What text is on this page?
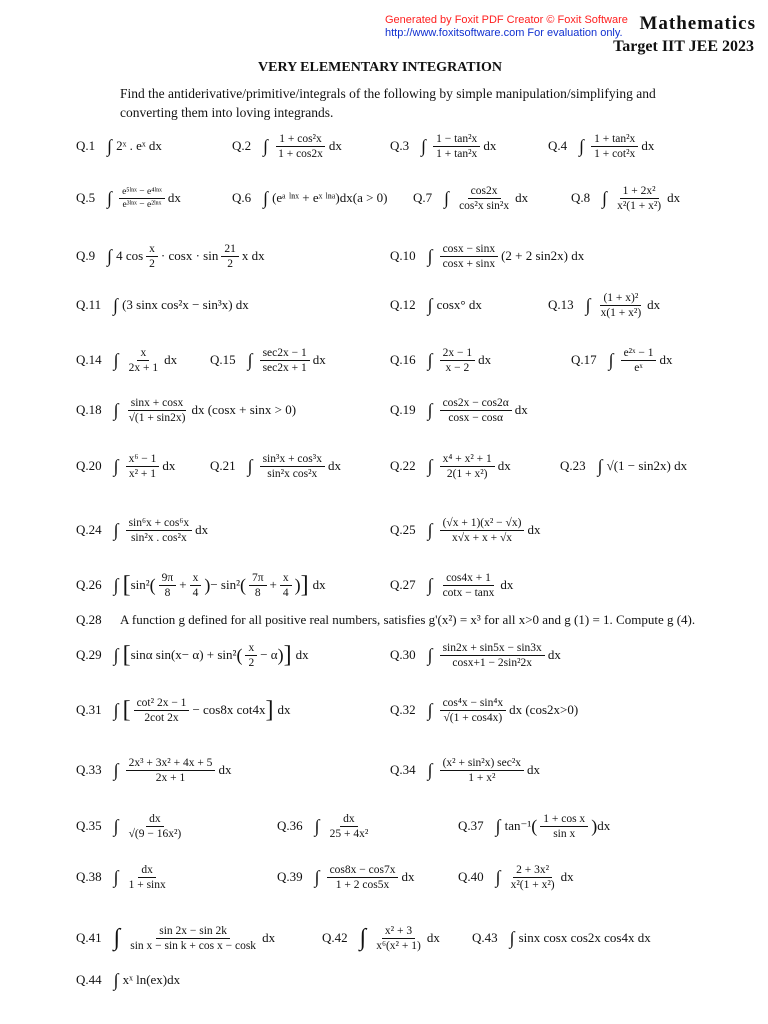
Generated by Foxit PDF Creator © Foxit Software
http://www.foxitsoftware.com For evaluation only. Mathematics
Target IIT JEE 2023
VERY ELEMENTARY INTEGRATION
Find the antiderivative/primitive/integrals of the following by simple manipulation/simplifying and converting them into loving integrands.
Q.1 ∫ 2ˣ . eˣ dx	Q.2 ∫ $\frac{\text{1 + cos²x}}{1 + \cos 2x}$ dx	Q.3 ∫ $\frac{\text{1 − tan²x}}{\text{1 + tan²x}}$ dx	Q.4 ∫ $\frac{\text{1 + tan²x}}{\text{1 + cot²x}}$ dx
Q.5 ∫ $\frac{\text{e⁵ˡⁿˣ − e⁴ˡⁿˣ}}{\text{e³ˡⁿˣ − e²ˡⁿˣ}}$ dx	Q.6 ∫ (eᵃ ˡⁿˣ + eˣ ˡⁿᵃ)dx(a > 0) Q.7 ∫ $\frac{\cos 2x}{\text{cos²x sin²x}}$ dx	Q.8 ∫ $\frac{\text{1 + 2x²}}{\text{x²(1 + x²)}}$ dx
Q.9 ∫ 4 $\cos \frac{x}{2} \cdot \cos x \cdot \sin \frac{21}{2}$ x dx	Q.10 ∫ $\frac{\cos x - \sin x}{\cos x + \sin x} (2 + 2$ sin2x) dx
Q.11 ∫ (3 sinx cos²x − sin³x) dx	Q.12 ∫ cosx° dx	Q.13 ∫ $\frac{\text{(1 + x)²}}{\text{x(1 + x²)}}$ dx
Q.14 ∫ $\frac{x}{2x + 1}$ dx	Q.15 ∫ $\frac{\sec 2x - 1}{\sec 2x + 1}$ dx	Q.16 ∫ $\frac{2x - 1}{x - 2}$ dx	Q.17 ∫ $\frac{\text{e²ˣ − 1}}{\text{eˣ}}$ dx
Q.18 ∫ $\frac{\sin x + \cos x}{√(1 + \sin 2x)}$ dx (cosx + sinx > 0)	Q.19 ∫ $\frac{\cos 2x - \cos 2\alpha}{\cos x - \cos\alpha}$ dx
Q.20 ∫ $\frac{\text{x⁶ − 1}}{\text{x² + 1}}$ dx	Q.21 ∫ $\frac{\text{sin³x + cos³x}}{\text{sin²x cos²x}}$ dx	Q.22 ∫ $\frac{\text{x⁴ + x² + 1}}{\text{2(1 + x²)}}$ dx	Q.23 ∫ √(1 − sin2x) dx
Q.24 ∫ $\frac{\text{sin⁶x + cos⁶x}}{\text{sin²x . cos²x}}$ dx	Q.25 ∫ $\frac{\text{(√x + 1)(x² − √x)}}{x√x + x + √x}$ dx
Q.26 ∫ [ sin² ( $\frac{9\pi}{8} + \frac{x}{4}$ ) − sin² ( $\frac{7\pi}{8} + \frac{x}{4}$ ) ] dx	Q.27 ∫ $\frac{\cos 4x + 1}{\cot x - \tan x}$ dx
Q.28 A function g defined for all positive real numbers, satisfies g'(x²) = x³ for all x>0 and g (1) = 1. Compute g (4).
Q.29 ∫ [ sinα sin(x− α) + sin² ( $\frac{x}{2} - \alpha$ ) ] dx	Q.30 ∫ $\frac{\sin 2x + \sin 5x - \sin 3x}{\text{cosx+1 − 2sin²2x}}$ dx
Q.31 ∫ [ $\frac{\text{cot² 2x − 1}}{2\cot 2x} - \cos 8x$ cot4x ] dx	Q.32 ∫ $\frac{\text{cos⁴x − sin⁴x}}{√(1 + \cos 4x)}$ dx (cos2x>0)
Q.33 ∫ $\frac{\text{2x³ + 3x² + 4x + 5}}{2x + 1}$ dx	Q.34 ∫ $\frac{\text{(x² + sin²x) sec²x}}{\text{1 + x²}}$ dx
Q.35 ∫ $\frac{dx}{\text{√(9 − 16x²)}}$	Q.36 ∫ $\frac{dx}{\text{25 + 4x²}}$	Q.37 ∫ tan⁻¹ ( $\frac{\text{1 + cos x}}{\text{sin x}}$ ) dx
Q.38 ∫ $\frac{dx}{1 + \sin x}$	Q.39 ∫ $\frac{\cos 8x - \cos 7x}{1 + 2 \cos 5x}$ dx	Q.40 ∫ $\frac{\text{2 + 3x²}}{\text{x²(1 + x²)}}$ dx
Q.41 ∫ $\frac{\sin 2x - \sin 2k}{\text{sin x − sin k + cos x − cosk}}$ dx	Q.42 ∫ $\frac{\text{x² + 3}}{\text{x⁶(x² + 1)}}$ dx Q.43 ∫ sinx cosx cos2x cos4x dx
Q.44 ∫ xˣ ln(ex)dx
